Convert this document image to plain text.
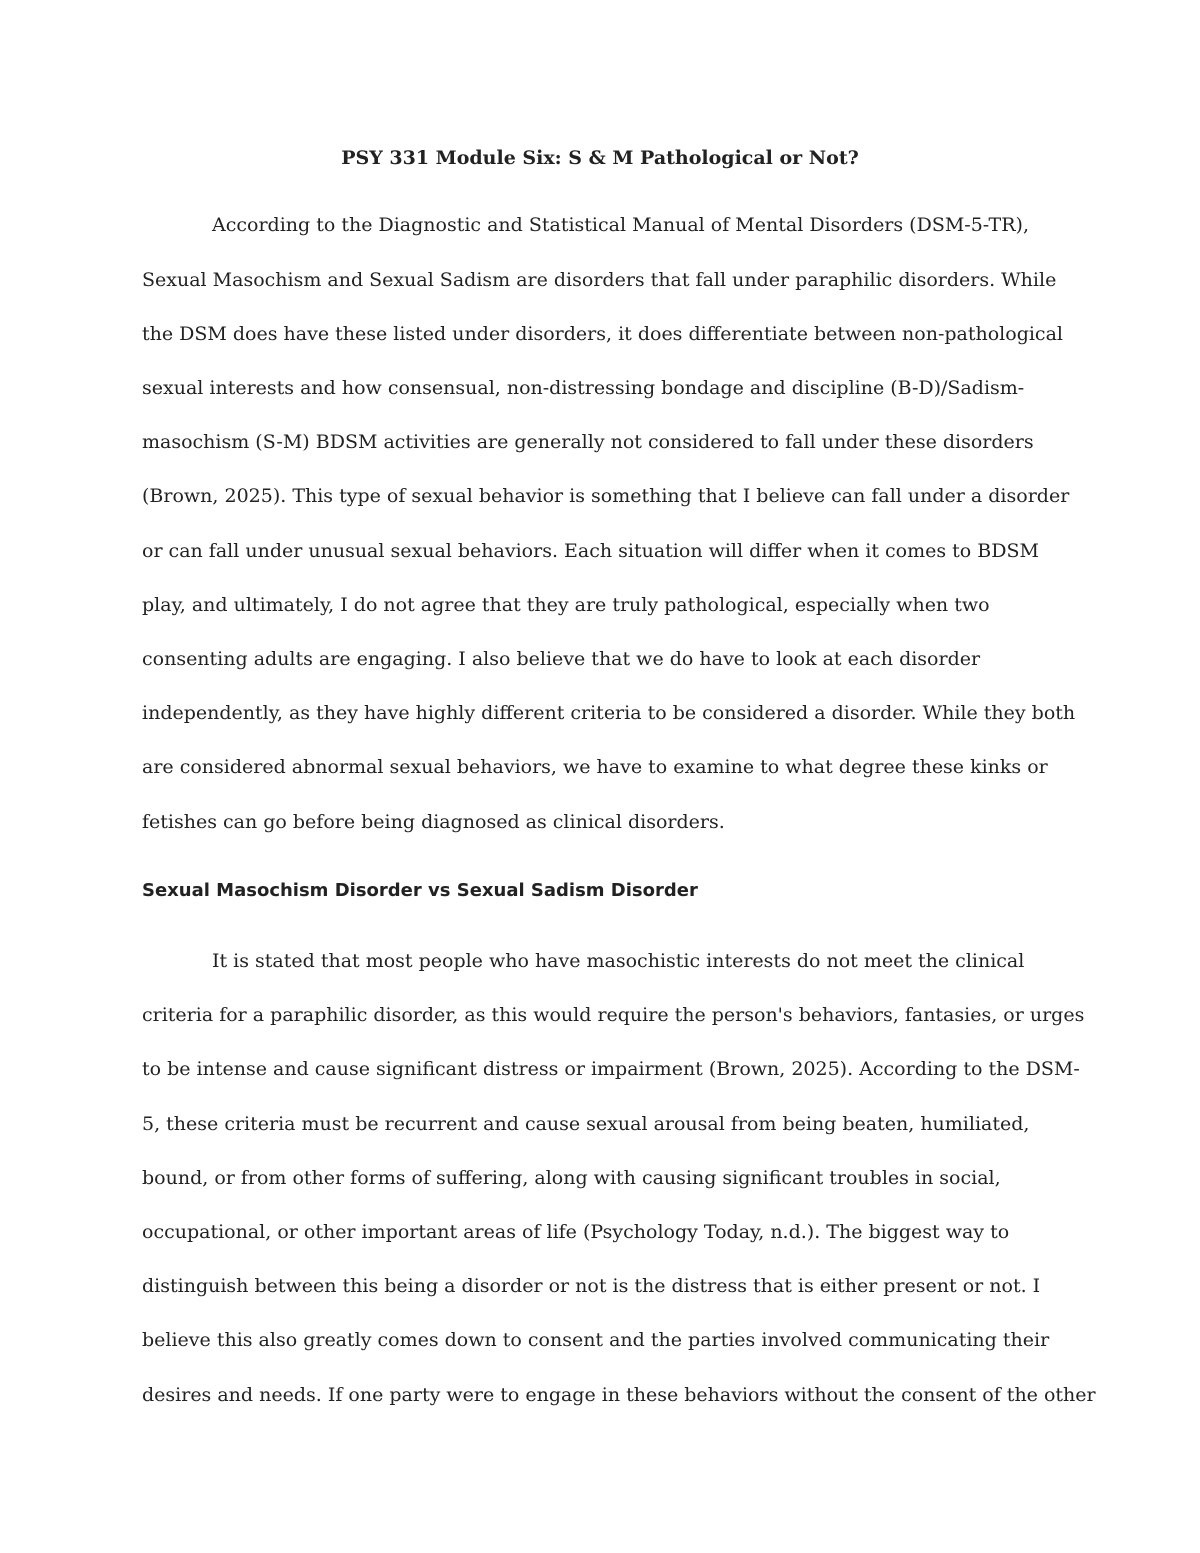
PSY 331 Module Six: S & M Pathological or Not?
According to the Diagnostic and Statistical Manual of Mental Disorders (DSM-5-TR),
Sexual Masochism and Sexual Sadism are disorders that fall under paraphilic disorders. While
the DSM does have these listed under disorders, it does differentiate between non-pathological
sexual interests and how consensual, non-distressing bondage and discipline (B-D)/Sadism-
masochism (S-M) BDSM activities are generally not considered to fall under these disorders
(Brown, 2025). This type of sexual behavior is something that I believe can fall under a disorder
or can fall under unusual sexual behaviors. Each situation will differ when it comes to BDSM
play, and ultimately, I do not agree that they are truly pathological, especially when two
consenting adults are engaging. I also believe that we do have to look at each disorder
independently, as they have highly different criteria to be considered a disorder. While they both
are considered abnormal sexual behaviors, we have to examine to what degree these kinks or
fetishes can go before being diagnosed as clinical disorders.
Sexual Masochism Disorder vs Sexual Sadism Disorder
It is stated that most people who have masochistic interests do not meet the clinical
criteria for a paraphilic disorder, as this would require the person's behaviors, fantasies, or urges
to be intense and cause significant distress or impairment (Brown, 2025). According to the DSM-
5, these criteria must be recurrent and cause sexual arousal from being beaten, humiliated,
bound, or from other forms of suffering, along with causing significant troubles in social,
occupational, or other important areas of life (Psychology Today, n.d.). The biggest way to
distinguish between this being a disorder or not is the distress that is either present or not. I
believe this also greatly comes down to consent and the parties involved communicating their
desires and needs. If one party were to engage in these behaviors without the consent of the other
